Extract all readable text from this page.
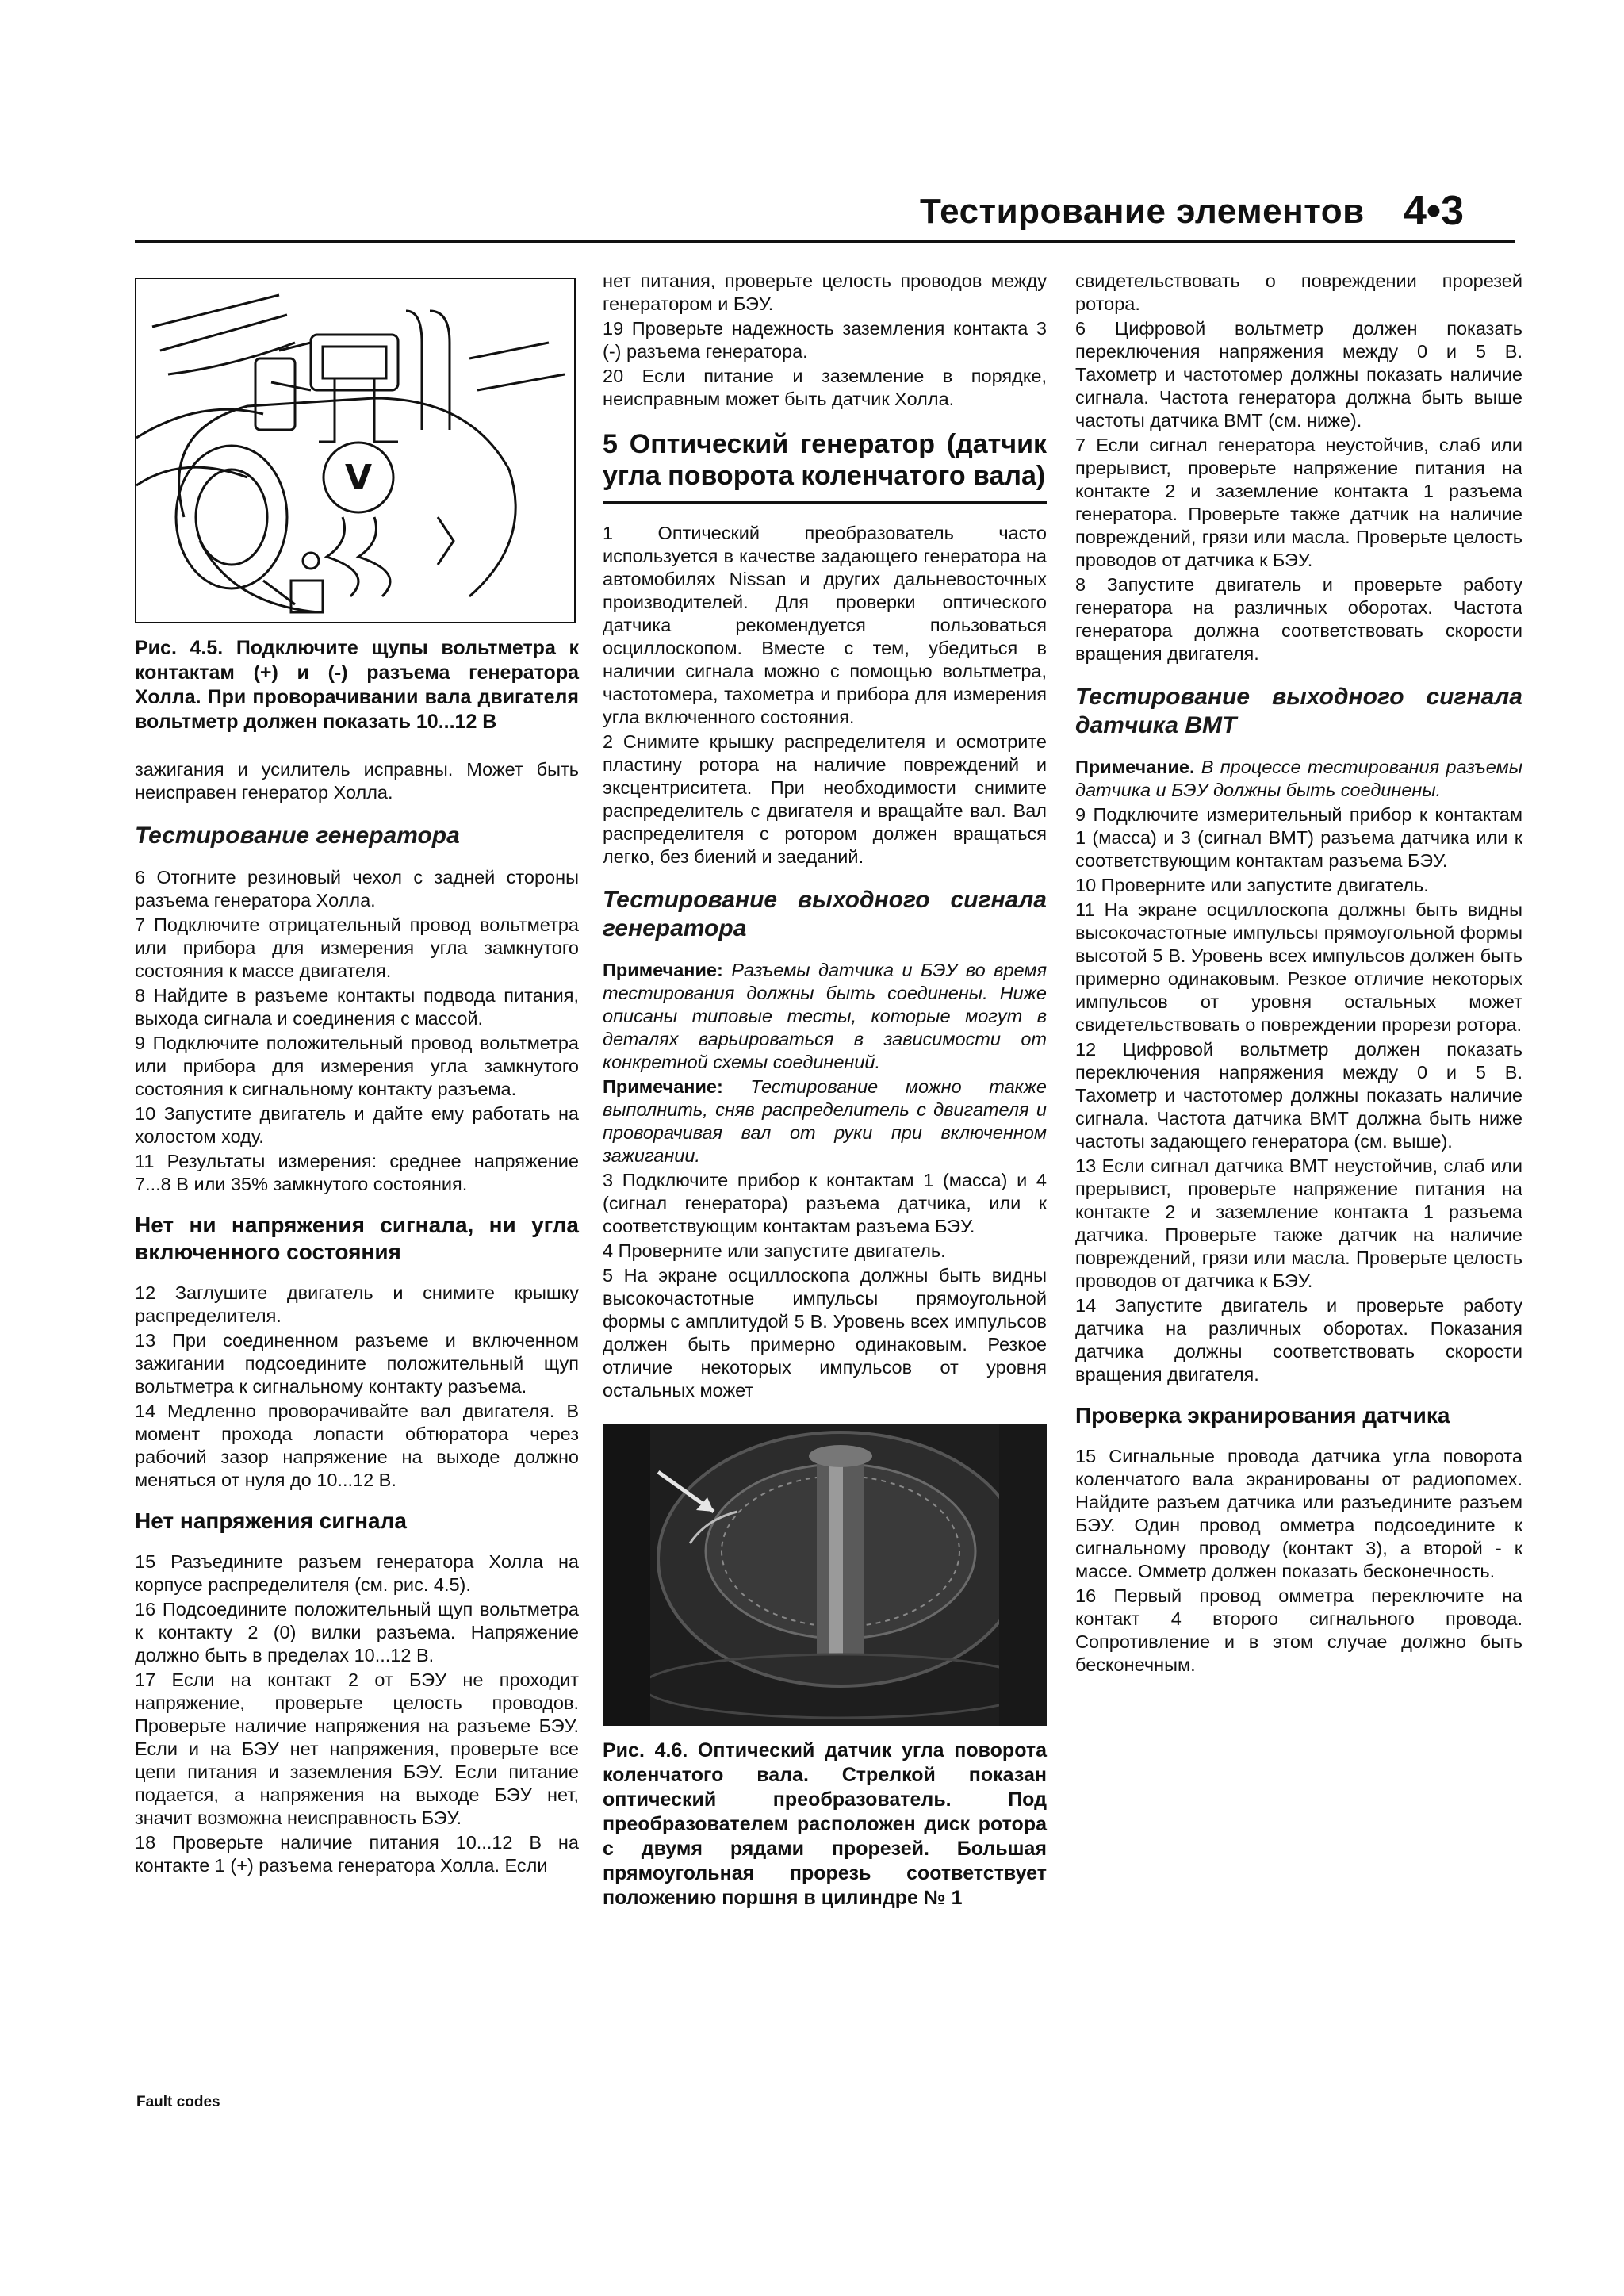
Тестирование элементов 4•3
V
Рис. 4.5. Подключите щупы вольтметра к контактам (+) и (-) разъема генератора Холла. При проворачивании вала двигателя вольтметр должен показать 10...12 В

зажигания и усилитель исправны. Может быть неисправен генератор Холла.

Тестирование генератора

6 Отогните резиновый чехол с задней стороны разъема генератора Холла.

7 Подключите отрицательный провод вольтметра или прибора для измерения угла замкнутого состояния к массе двигателя.

8 Найдите в разъеме контакты подвода питания, выхода сигнала и соединения с массой.

9 Подключите положительный провод вольтметра или прибора для измерения угла замкнутого состояния к сигнальному контакту разъема.

10 Запустите двигатель и дайте ему работать на холостом ходу.

11 Результаты измерения: среднее напряжение 7...8 В или 35% замкнутого состояния.

Нет ни напряжения сигнала, ни угла включенного состояния

12 Заглушите двигатель и снимите крышку распределителя.

13 При соединенном разъеме и включенном зажигании подсоедините положительный щуп вольтметра к сигнальному контакту разъема.

14 Медленно проворачивайте вал двигателя. В момент прохода лопасти обтюратора через рабочий зазор напряжение на выходе должно меняться от нуля до 10...12 В.

Нет напряжения сигнала

15 Разъедините разъем генератора Холла на корпусе распределителя (см. рис. 4.5).

16 Подсоедините положительный щуп вольтметра к контакту 2 (0) вилки разъема. Напряжение должно быть в пределах 10...12 В.

17 Если на контакт 2 от БЭУ не проходит напряжение, проверьте целость проводов. Проверьте наличие напряжения на разъеме БЭУ. Если и на БЭУ нет напряжения, проверьте все цепи питания и заземления БЭУ. Если питание подается, а напряжения на выходе БЭУ нет, значит возможна неисправность БЭУ.

18 Проверьте наличие питания 10...12 В на контакте 1 (+) разъема генератора Холла. Если

нет питания, проверьте целость проводов между генератором и БЭУ.

19 Проверьте надежность заземления контакта 3 (-) разъема генератора.

20 Если питание и заземление в порядке, неисправным может быть датчик Холла.

5 Оптический генератор (датчик угла поворота коленчатого вала)

1 Оптический преобразователь часто используется в качестве задающего генератора на автомобилях Nissan и других дальневосточных производителей. Для проверки оптического датчика рекомендуется пользоваться осциллоскопом. Вместе с тем, убедиться в наличии сигнала можно с помощью вольтметра, частотомера, тахометра и прибора для измерения угла включенного состояния.

2 Снимите крышку распределителя и осмотрите пластину ротора на наличие повреждений и эксцентриситета. При необходимости снимите распределитель с двигателя и вращайте вал. Вал распределителя с ротором должен вращаться легко, без биений и заеданий.

Тестирование выходного сигнала генератора

Примечание: Разъемы датчика и БЭУ во время тестирования должны быть соединены. Ниже описаны типовые тесты, которые могут в деталях варьироваться в зависимости от конкретной схемы соединений.

Примечание: Тестирование можно также выполнить, сняв распределитель с двигателя и проворачивая вал от руки при включенном зажигании.

3 Подключите прибор к контактам 1 (масса) и 4 (сигнал генератора) разъема датчика, или к соответствующим контактам разъема БЭУ.

4 Проверните или запустите двигатель.

5 На экране осциллоскопа должны быть видны высокочастотные импульсы прямоугольной формы с амплитудой 5 В. Уровень всех импульсов должен быть примерно одинаковым. Резкое отличие некоторых импульсов от уровня остальных может

Рис. 4.6. Оптический датчик угла поворота коленчатого вала. Стрелкой показан оптический преобразователь. Под преобразователем расположен диск ротора с двумя рядами прорезей. Большая прямоугольная прорезь соответствует положению поршня в цилиндре № 1

свидетельствовать о повреждении прорезей ротора.

6 Цифровой вольтметр должен показать переключения напряжения между 0 и 5 В. Тахометр и частотомер должны показать наличие сигнала. Частота генератора должна быть выше частоты датчика ВМТ (см. ниже).

7 Если сигнал генератора неустойчив, слаб или прерывист, проверьте напряжение питания на контакте 2 и заземление контакта 1 разъема генератора. Проверьте также датчик на наличие повреждений, грязи или масла. Проверьте целость проводов от датчика к БЭУ.

8 Запустите двигатель и проверьте работу генератора на различных оборотах. Частота генератора должна соответствовать скорости вращения двигателя.

Тестирование выходного сигнала датчика ВМТ

Примечание. В процессе тестирования разъемы датчика и БЭУ должны быть соединены.

9 Подключите измерительный прибор к контактам 1 (масса) и 3 (сигнал ВМТ) разъема датчика или к соответствующим контактам разъема БЭУ.

10 Проверните или запустите двигатель.

11 На экране осциллоскопа должны быть видны высокочастотные импульсы прямоугольной формы высотой 5 В. Уровень всех импульсов должен быть примерно одинаковым. Резкое отличие некоторых импульсов от уровня остальных может свидетельствовать о повреждении прорези ротора.

12 Цифровой вольтметр должен показать переключения напряжения между 0 и 5 В. Тахометр и частотомер должны показать наличие сигнала. Частота датчика ВМТ должна быть ниже частоты задающего генератора (см. выше).

13 Если сигнал датчика ВМТ неустойчив, слаб или прерывист, проверьте напряжение питания на контакте 2 и заземление контакта 1 разъема датчика. Проверьте также датчик на наличие повреждений, грязи или масла. Проверьте целость проводов от датчика к БЭУ.

14 Запустите двигатель и проверьте работу датчика на различных оборотах. Показания датчика должны соответствовать скорости вращения двигателя.

Проверка экранирования датчика

15 Сигнальные провода датчика угла поворота коленчатого вала экранированы от радиопомех. Найдите разъем датчика или разъедините разъем БЭУ. Один провод омметра подсоедините к сигнальному проводу (контакт 3), а второй - к массе. Омметр должен показать бесконечность.

16 Первый провод омметра переключите на контакт 4 второго сигнального провода. Сопротивление и в этом случае должно быть бесконечным.

Fault codes
